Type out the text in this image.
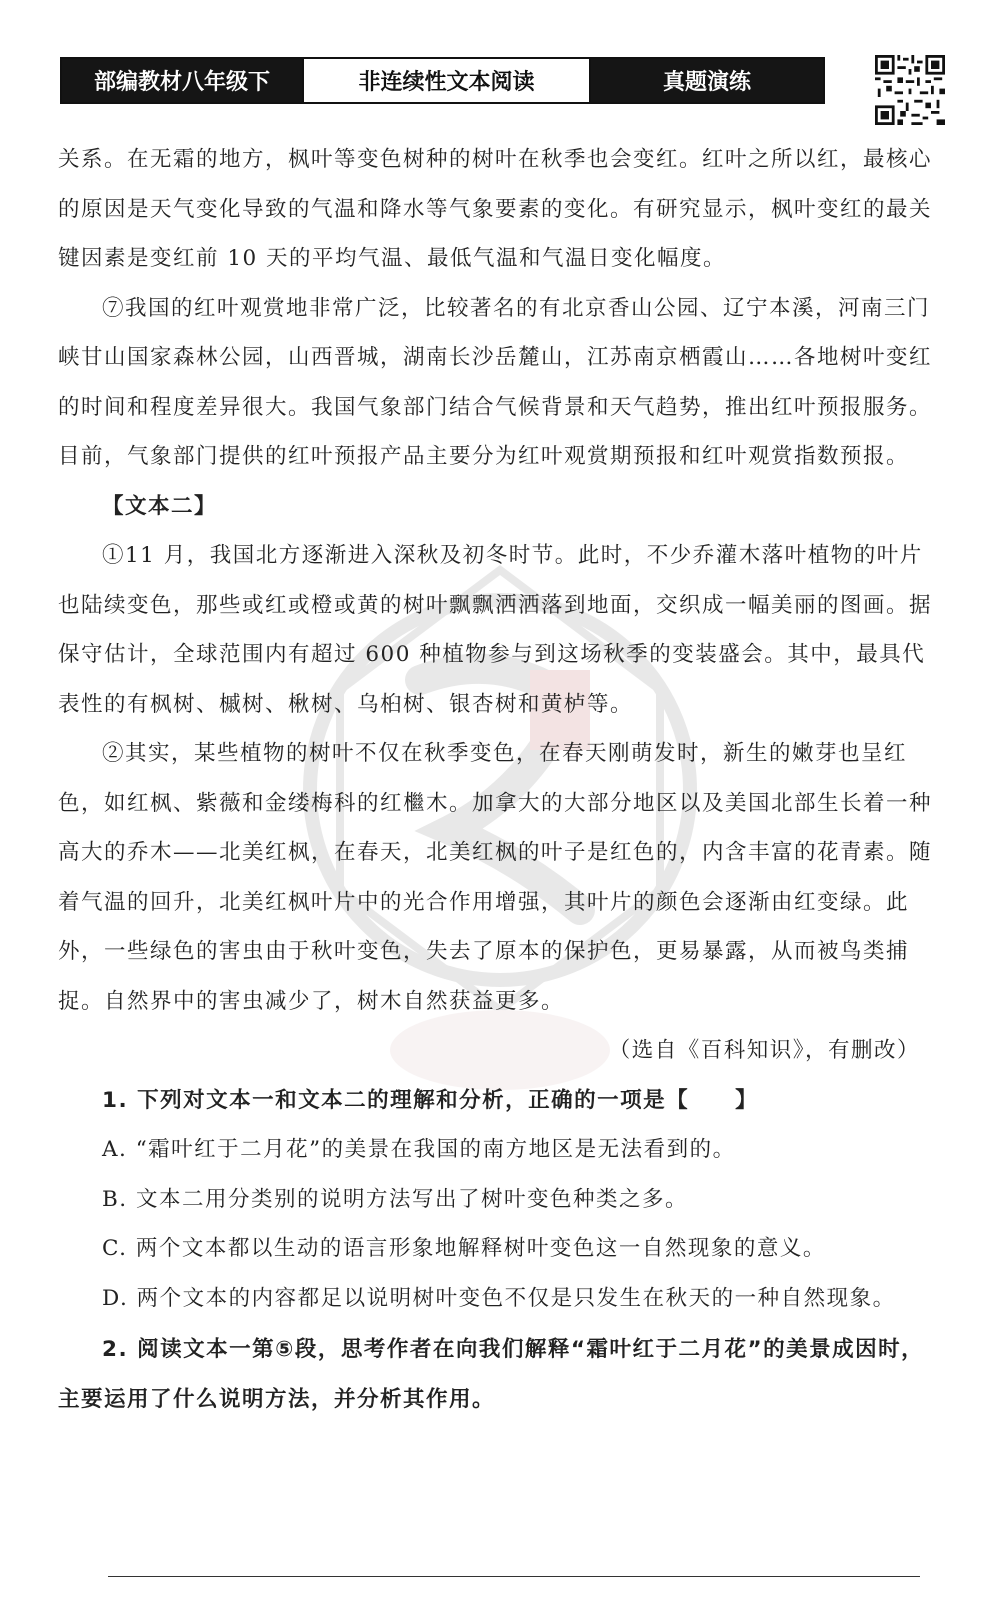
部编教材八年级下	非连续性文本阅读	真题演练

关系。在无霜的地方，枫叶等变色树种的树叶在秋季也会变红。红叶之所以红，最核心的原因是天气变化导致的气温和降水等气象要素的变化。有研究显示，枫叶变红的最关键因素是变红前 10 天的平均气温、最低气温和气温日变化幅度。

⑦我国的红叶观赏地非常广泛，比较著名的有北京香山公园、辽宁本溪，河南三门峡甘山国家森林公园，山西晋城，湖南长沙岳麓山，江苏南京栖霞山……各地树叶变红的时间和程度差异很大。我国气象部门结合气候背景和天气趋势，推出红叶预报服务。目前，气象部门提供的红叶预报产品主要分为红叶观赏期预报和红叶观赏指数预报。

【文本二】

①11 月，我国北方逐渐进入深秋及初冬时节。此时，不少乔灌木落叶植物的叶片也陆续变色，那些或红或橙或黄的树叶飘飘洒洒落到地面，交织成一幅美丽的图画。据保守估计，全球范围内有超过 600 种植物参与到这场秋季的变装盛会。其中，最具代表性的有枫树、槭树、楸树、乌桕树、银杏树和黄栌等。

②其实，某些植物的树叶不仅在秋季变色，在春天刚萌发时，新生的嫩芽也呈红色，如红枫、紫薇和金缕梅科的红檵木。加拿大的大部分地区以及美国北部生长着一种高大的乔木——北美红枫，在春天，北美红枫的叶子是红色的，内含丰富的花青素。随着气温的回升，北美红枫叶片中的光合作用增强，其叶片的颜色会逐渐由红变绿。此外，一些绿色的害虫由于秋叶变色，失去了原本的保护色，更易暴露，从而被鸟类捕捉。自然界中的害虫减少了，树木自然获益更多。

（选自《百科知识》，有删改）

1. 下列对文本一和文本二的理解和分析，正确的一项是【　　】

A. “霜叶红于二月花”的美景在我国的南方地区是无法看到的。

B. 文本二用分类别的说明方法写出了树叶变色种类之多。

C. 两个文本都以生动的语言形象地解释树叶变色这一自然现象的意义。

D. 两个文本的内容都足以说明树叶变色不仅是只发生在秋天的一种自然现象。

2. 阅读文本一第⑤段，思考作者在向我们解释“霜叶红于二月花”的美景成因时，主要运用了什么说明方法，并分析其作用。
